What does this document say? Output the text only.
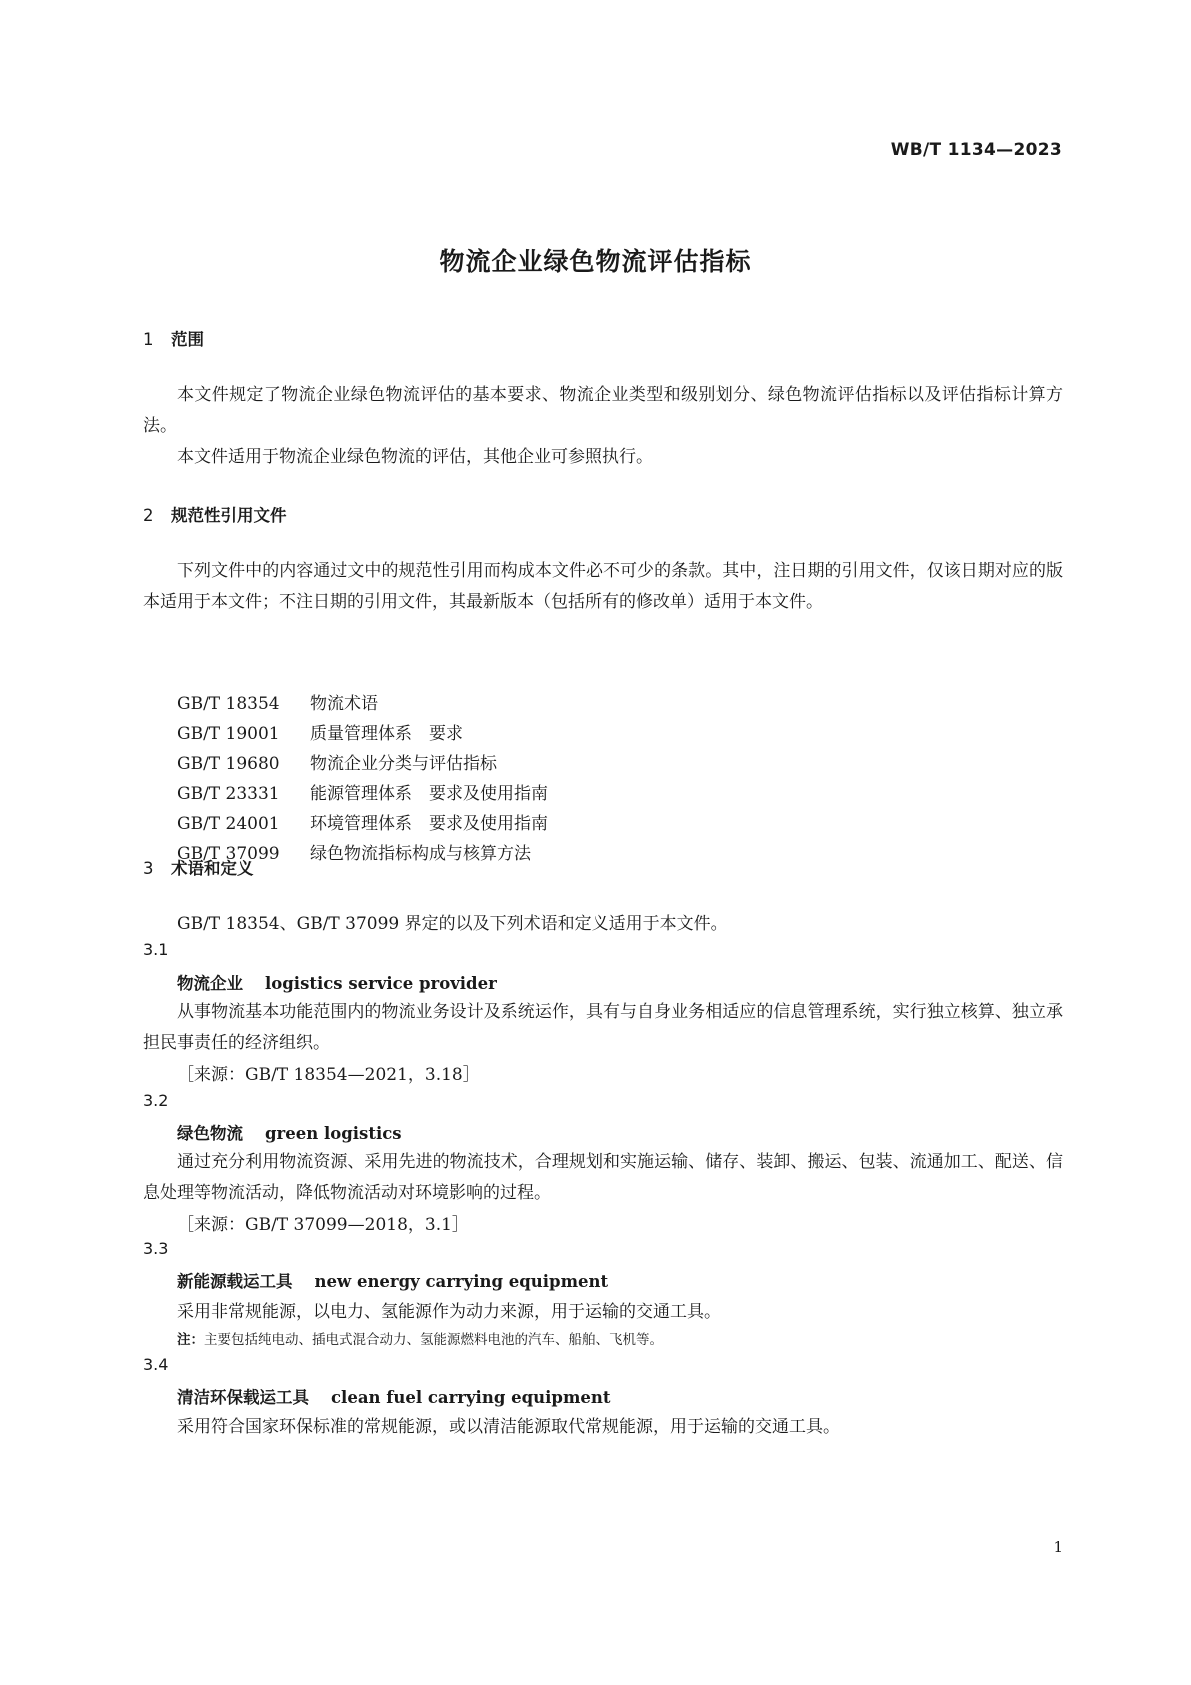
WB/T 1134—2023
物流企业绿色物流评估指标
1 范围

本文件规定了物流企业绿色物流评估的基本要求、物流企业类型和级别划分、绿色物流评估指标以及评估指标计算方法。

本文件适用于物流企业绿色物流的评估，其他企业可参照执行。

2 规范性引用文件

下列文件中的内容通过文中的规范性引用而构成本文件必不可少的条款。其中，注日期的引用文件，仅该日期对应的版本适用于本文件；不注日期的引用文件，其最新版本（包括所有的修改单）适用于本文件。

GB/T 18354	物流术语
GB/T 19001	质量管理体系　要求
GB/T 19680	物流企业分类与评估指标
GB/T 23331	能源管理体系　要求及使用指南
GB/T 24001	环境管理体系　要求及使用指南
GB/T 37099	绿色物流指标构成与核算方法
3 术语和定义
GB/T 18354、GB/T 37099 界定的以及下列术语和定义适用于本文件。
3.1
物流企业 logistics service provider

从事物流基本功能范围内的物流业务设计及系统运作，具有与自身业务相适应的信息管理系统，实行独立核算、独立承担民事责任的经济组织。

［来源：GB/T 18354—2021，3.18］
3.2
绿色物流 green logistics

通过充分利用物流资源、采用先进的物流技术，合理规划和实施运输、储存、装卸、搬运、包装、流通加工、配送、信息处理等物流活动，降低物流活动对环境影响的过程。

［来源：GB/T 37099—2018，3.1］
3.3
新能源载运工具 new energy carrying equipment
采用非常规能源，以电力、氢能源作为动力来源，用于运输的交通工具。
注：主要包括纯电动、插电式混合动力、氢能源燃料电池的汽车、船舶、飞机等。
3.4
清洁环保载运工具 clean fuel carrying equipment
采用符合国家环保标准的常规能源，或以清洁能源取代常规能源，用于运输的交通工具。
1
